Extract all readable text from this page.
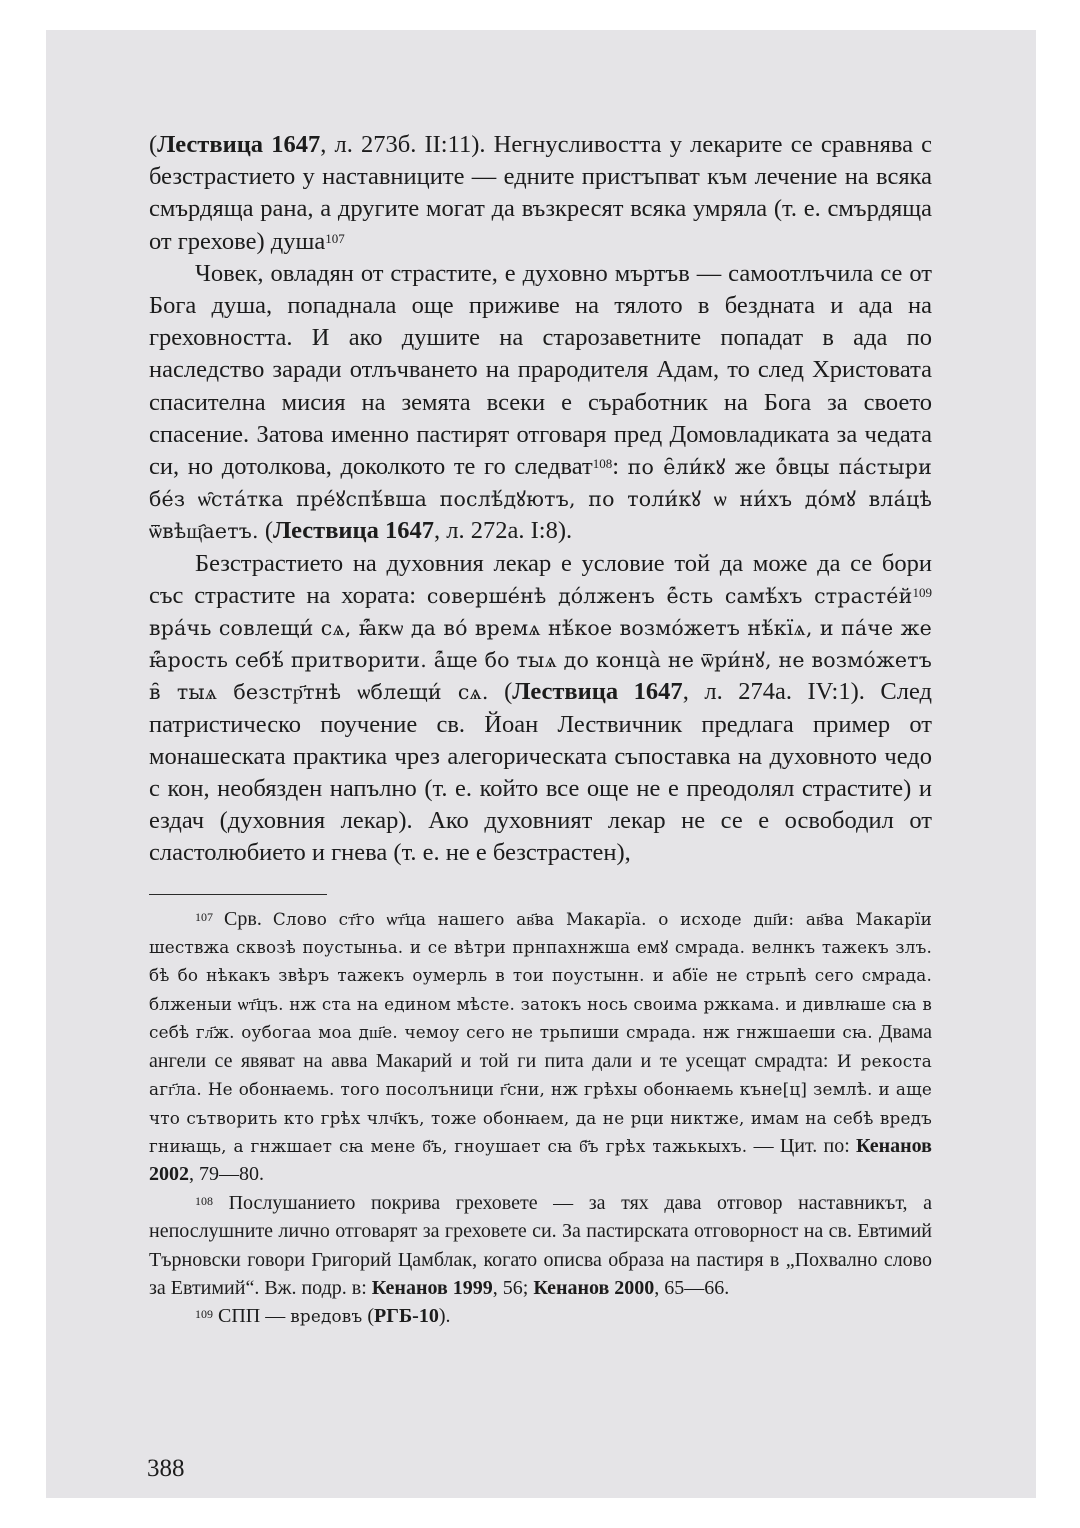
(Лествица 1647, л. 273б. II:11). Негнусливостта у лекарите се сравнява с безстрастието у наставниците — едните пристъпват към лечение на всяка смърдяща рана, а другите могат да възкресят всяка умряла (т. е. смърдяща от грехове) душа$^{107}$

Човек, овладян от страстите, е духовно мъртъв — самоотлъчила се от Бога душа, попаднала още приживе на тялото в бездната и ада на греховността. И ако душите на старозаветните попадат в ада по наследство заради отлъчването на прародителя Адам, то след Христовата спасителна мисия на земята всеки е съработник на Бога за своето спасение. Затова именно пастирят отговаря пред Домовладиката за чедата си, но дотолкова, доколкото те го следват$^{108}$: по е̑ли́кꙋ же о̑́вцы па́стыри бе́з ѡ̑ста́тка пре́ꙋспѣ́вша послѣ́дꙋютъ, по толи́кꙋ ѡ ни́хъ до́мꙋ вла́цѣ ѿвѣщ҄аетъ. (Лествица 1647, л. 272а. I:8).

Безстрастието на духовния лекар е условие той да може да се бори със страстите на хората: соверше́нѣ до́лженъ е̑́сть самѣ́хъ $страсте́й^{109}$ вра́чь совлещи́ сѧ, ꙗ̑́кѡ да во́ времѧ нѣ́кое возмо́жетъ нѣ́кїѧ, и па́че же ꙗ̑́рость себѣ́ притворити. а̑́ще бо тыѧ до конца̀ не ѿри́нꙋ, не возмо́жетъ в̑ тыѧ безстр҃тнѣ ѡблещи́ сѧ. (Лествица 1647, л. 274а. IV:1). След патристическо поучение св. Йоан Лествичник предлага пример от монашеската практика чрез алегорическата съпоставка на духовното чедо с кон, необязден напълно (т. е. който все още не е преодолял страстите) и ездач (духовния лекар). Ако духовният лекар не се е освободил от сластолюбието и гнева (т. е. не е безстрастен),

$^{107}$ Срв. Слово ст҃го ѡт҃ца нашего ав҃ва Макарїа. о исходе дш҃и: ав҃ва Макарїи шествжа сквозѣ поустыньа. и се вѣтри прнпахнжша емꙋ смрада. велнкъ тажекъ злъ. бѣ бо нѣкакъ звѣръ тажекъ оумерль в тои поустынн. и абїе не стрьпѣ сего смрада. блженыи ѡт҃цъ. нж ста на едином мѣсте. затокъ нось своима ржкама. и дивлꙗше сꙗ в себѣ гл҃ж. оубогаа моа дш҃е. чемоу сего не трьпиши смрада. нж гнжшаеши сꙗ. Двама ангели се явяват на авва Макарий и той ги пита дали и те усещат смрадта: И рекоста агг҃ла. Не обонꙗемь. того посолъници г҃сни, нж грѣхы обонꙗемь къне[ц] землѣ. и аще что сътворить кто грѣх члч҃къ, тоже обонꙗем, да не рци никтже, имам на себѣ вредъ гниꙗщь, а гнжшает сꙗ мене б҃ъ, гноушает сꙗ б҃ъ грѣх тажькыхъ. — Цит. по: Кенанов 2002, 79—80.

$^{108}$ Послушанието покрива греховете — за тях дава отговор наставникът, а непослушните лично отговарят за греховете си. За пастирската отговорност на св. Евтимий Търновски говори Григорий Цамблак, когато описва образа на пастиря в „Похвално слово за Евтимий“. Вж. подр. в: Кенанов 1999, 56; Кенанов 2000, 65—66.

$^{109}$ СПП — вредовъ (РГБ-10).

388
